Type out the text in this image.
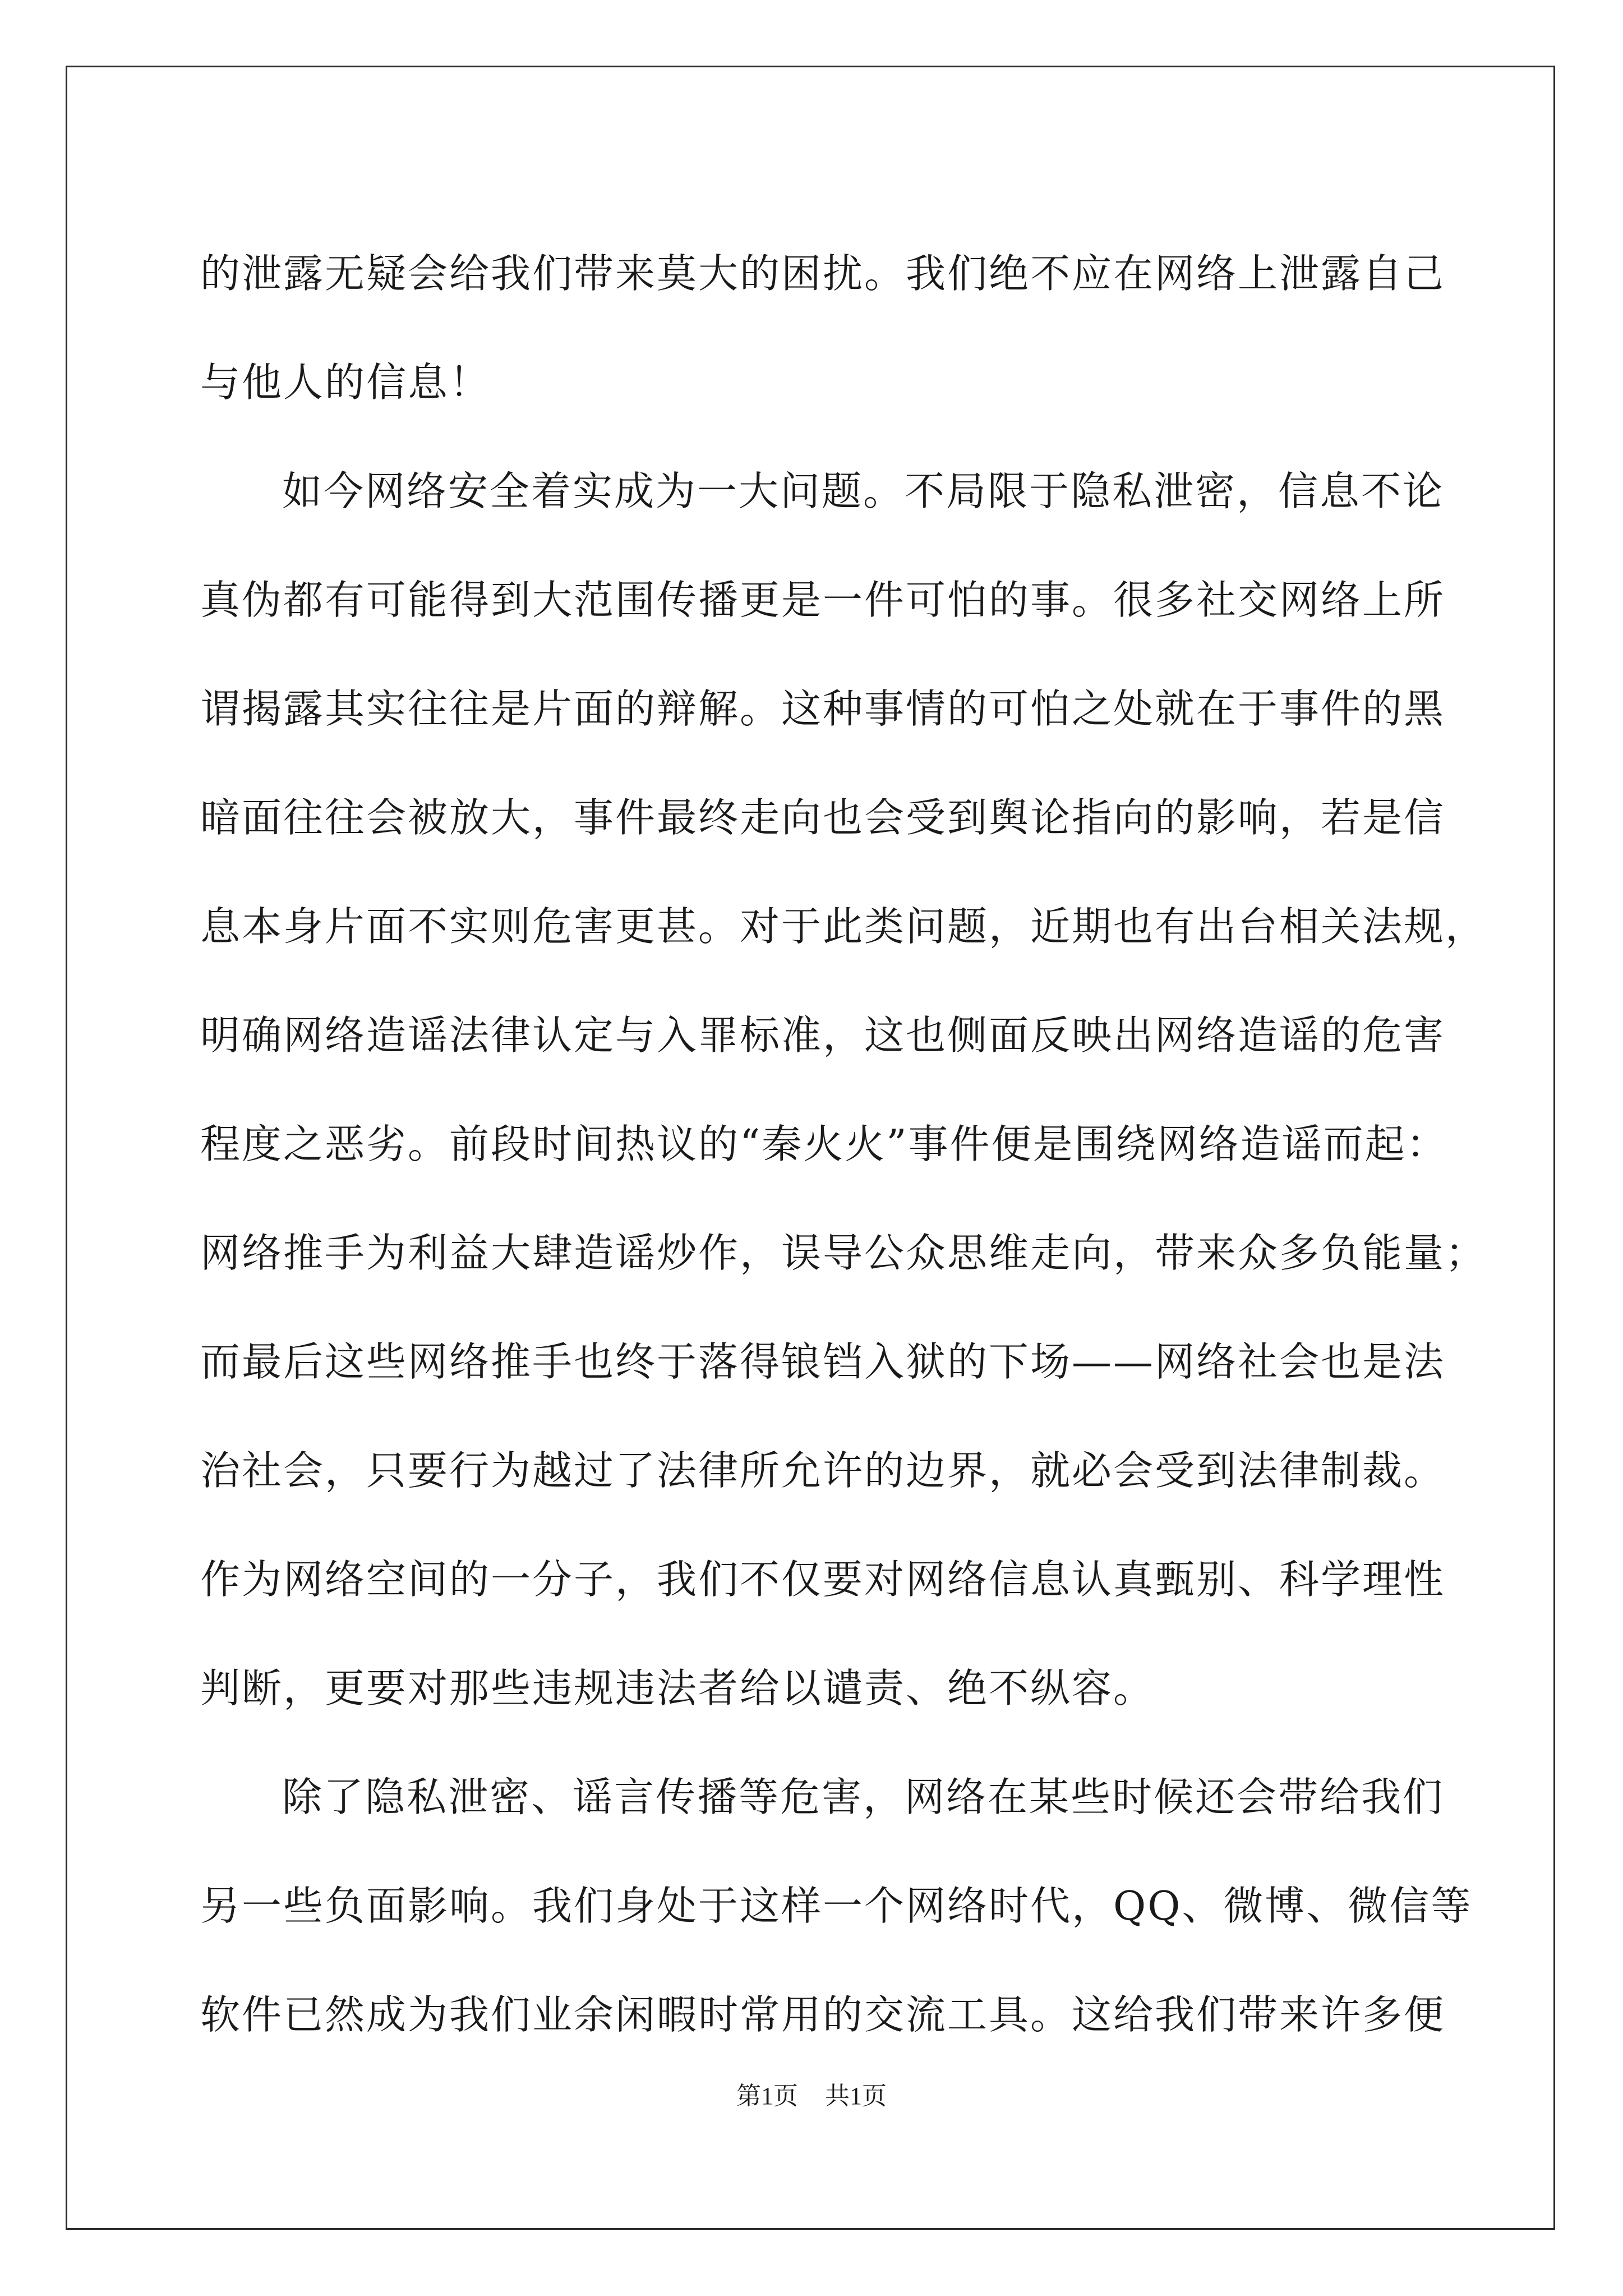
的泄露无疑会给我们带来莫大的困扰。我们绝不应在网络上泄露自己
与他人的信息！
如今网络安全着实成为一大问题。不局限于隐私泄密，信息不论
真伪都有可能得到大范围传播更是一件可怕的事。很多社交网络上所
谓揭露其实往往是片面的辩解。这种事情的可怕之处就在于事件的黑
暗面往往会被放大，事件最终走向也会受到舆论指向的影响，若是信
息本身片面不实则危害更甚。对于此类问题，近期也有出台相关法规，
明确网络造谣法律认定与入罪标准，这也侧面反映出网络造谣的危害
程度之恶劣。前段时间热议的“秦火火”事件便是围绕网络造谣而起：
网络推手为利益大肆造谣炒作，误导公众思维走向，带来众多负能量；
而最后这些网络推手也终于落得锒铛入狱的下场——网络社会也是法
治社会，只要行为越过了法律所允许的边界，就必会受到法律制裁。
作为网络空间的一分子，我们不仅要对网络信息认真甄别、科学理性
判断，更要对那些违规违法者给以谴责、绝不纵容。
除了隐私泄密、谣言传播等危害，网络在某些时候还会带给我们
另一些负面影响。我们身处于这样一个网络时代，QQ、微博、微信等
软件已然成为我们业余闲暇时常用的交流工具。这给我们带来许多便
第1页 共1页
